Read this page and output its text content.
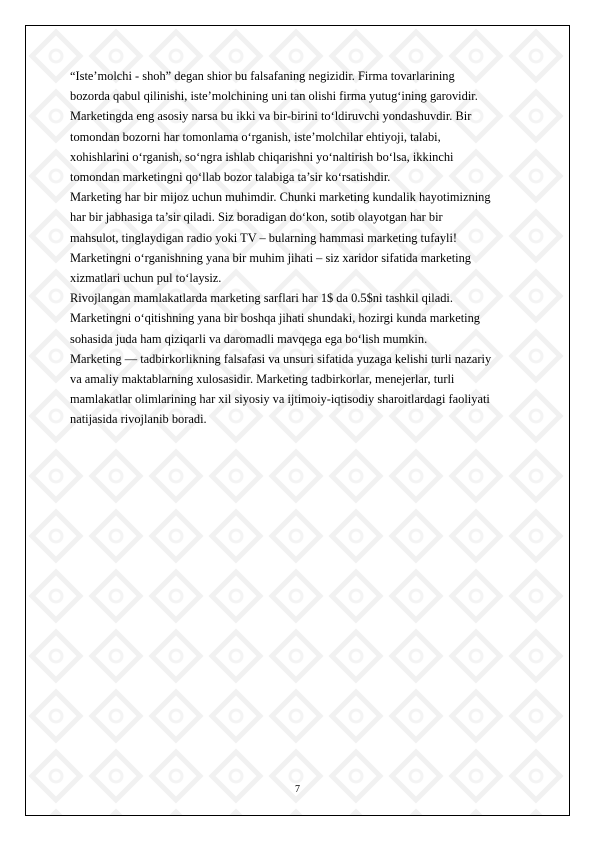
“Iste’molchi - shoh” degan shior bu falsafaning negizidir. Firma tovarlarining
bozorda qabul qilinishi, iste’molchining uni tan olishi firma yutug‘ining garovidir.
Marketingda eng asosiy narsa bu ikki va bir-birini to‘ldiruvchi yondashuvdir. Bir
tomondan bozorni har tomonlama o‘rganish, iste’molchilar ehtiyoji, talabi,
xohishlarini o‘rganish, so‘ngra ishlab chiqarishni yo‘naltirish bo‘lsa, ikkinchi
tomondan marketingni qo‘llab bozor talabiga ta’sir ko‘rsatishdir.
Marketing har bir mijoz uchun muhimdir. Chunki marketing kundalik hayotimizning
har bir jabhasiga ta’sir qiladi. Siz boradigan do‘kon, sotib olayotgan har bir
mahsulot, tinglaydigan radio yoki TV – bularning hammasi marketing tufayli!
Marketingni o‘rganishning yana bir muhim jihati – siz xaridor sifatida marketing
xizmatlari uchun pul to‘laysiz.
Rivojlangan mamlakatlarda marketing sarflari har 1$ da 0.5$ni tashkil qiladi.
Marketingni o‘qitishning yana bir boshqa jihati shundaki, hozirgi kunda marketing
sohasida juda ham qiziqarli va daromadli mavqega ega bo‘lish mumkin.
Marketing — tadbirkorlikning falsafasi va unsuri sifatida yuzaga kelishi turli nazariy
va amaliy maktablarning xulosasidir. Marketing tadbirkorlar, menejerlar, turli
mamlakatlar olimlarining har xil siyosiy va ijtimoiy-iqtisodiy sharoitlardagi faoliyati
natijasida rivojlanib boradi.
7
